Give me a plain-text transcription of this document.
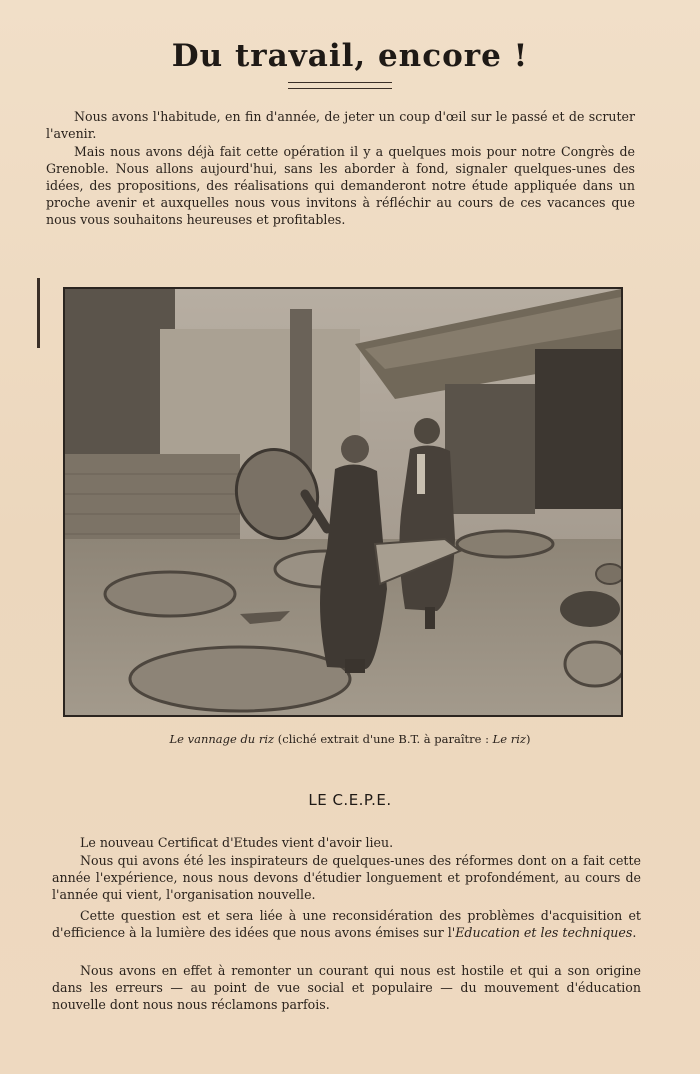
Du travail, encore !
Nous avons l'habitude, en fin d'année, de jeter un coup d'œil sur le passé et de scruter l'avenir.
Mais nous avons déjà fait cette opération il y a quelques mois pour notre Congrès de Grenoble. Nous allons aujourd'hui, sans les aborder à fond, signaler quelques-unes des idées, des propositions, des réalisations qui demanderont notre étude appliquée dans un proche avenir et auxquelles nous vous invitons à réfléchir au cours de ces vacances que nous vous souhaitons heureuses et profitables.
Le vannage du riz (cliché extrait d'une B.T. à paraître : Le riz)
LE C.E.P.E.
Le nouveau Certificat d'Etudes vient d'avoir lieu.
Nous qui avons été les inspirateurs de quelques-unes des réformes dont on a fait cette année l'expérience, nous nous devons d'étudier longuement et profondément, au cours de l'année qui vient, l'organisation nouvelle.
Cette question est et sera liée à une reconsidération des problèmes d'acquisition et d'efficience à la lumière des idées que nous avons émises sur l'Education et les techniques.
Nous avons en effet à remonter un courant qui nous est hostile et qui a son origine dans les erreurs — au point de vue social et populaire — du mouvement d'éducation nouvelle dont nous nous réclamons parfois.
